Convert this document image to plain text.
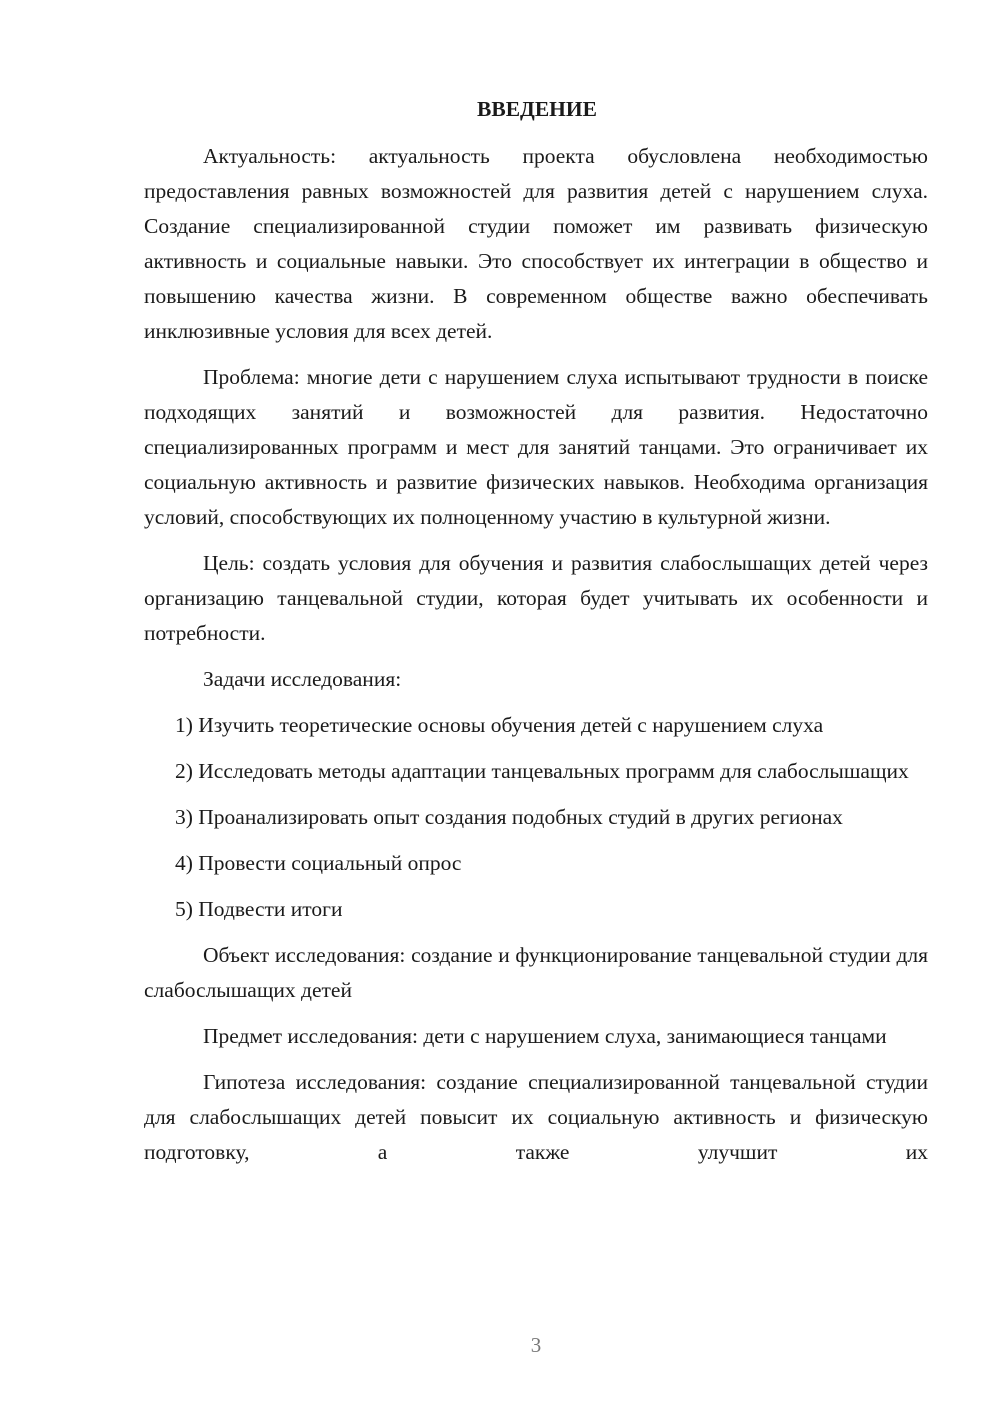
ВВЕДЕНИЕ

Актуальность: актуальность проекта обусловлена необходимостью предоставления равных возможностей для развития детей с нарушением слуха. Создание специализированной студии поможет им развивать физическую активность и социальные навыки. Это способствует их интеграции в общество и повышению качества жизни. В современном обществе важно обеспечивать инклюзивные условия для всех детей.

Проблема: многие дети с нарушением слуха испытывают трудности в поиске подходящих занятий и возможностей для развития. Недостаточно специализированных программ и мест для занятий танцами. Это ограничивает их социальную активность и развитие физических навыков. Необходима организация условий, способствующих их полноценному участию в культурной жизни.

Цель: создать условия для обучения и развития слабослышащих детей через организацию танцевальной студии, которая будет учитывать их особенности и потребности.

Задачи исследования:

1) Изучить теоретические основы обучения детей с нарушением слуха

2) Исследовать методы адаптации танцевальных программ для слабослышащих

3) Проанализировать опыт создания подобных студий в других регионах

4) Провести социальный опрос

5) Подвести итоги

Объект исследования: создание и функционирование танцевальной студии для слабослышащих детей

Предмет исследования: дети с нарушением слуха, занимающиеся танцами

Гипотеза исследования: создание специализированной танцевальной студии для слабослышащих детей повысит их социальную активность и физическую подготовку, а также улучшит их

3
